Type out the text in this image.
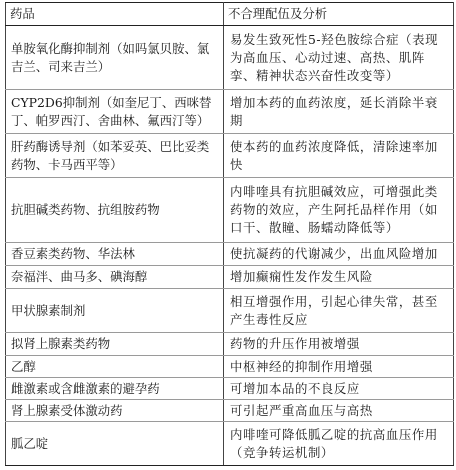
药品	不合理配伍及分析
单胺氧化酶抑制剂（如吗氯贝胺、氯吉兰、司来吉兰）	易发生致死性5-羟色胺综合症（表现为高血压、心动过速、高热、肌阵挛、精神状态兴奋性改变等）
CYP2D6抑制剂（如奎尼丁、西咪替丁、帕罗西汀、舍曲林、氟西汀等）	增加本药的血药浓度，延长消除半衰期
肝药酶诱导剂（如苯妥英、巴比妥类药物、卡马西平等）	使本药的血药浓度降低，清除速率加快
抗胆碱类药物、抗组胺药物	内啡喹具有抗胆碱效应，可增强此类药物的效应，产生阿托品样作用（如口干、散瞳、肠蠕动降低等）
香豆素类药物、华法林	使抗凝药的代谢减少，出血风险增加
奈福泮、曲马多、碘海醇	增加癫痫性发作发生风险
甲状腺素制剂	相互增强作用，引起心律失常，甚至产生毒性反应
拟肾上腺素类药物	药物的升压作用被增强
乙醇	中枢神经的抑制作用增强
雌激素或含雌激素的避孕药	可增加本品的不良反应
肾上腺素受体激动药	可引起严重高血压与高热
胍乙啶	内啡喹可降低胍乙啶的抗高血压作用（竞争转运机制）
